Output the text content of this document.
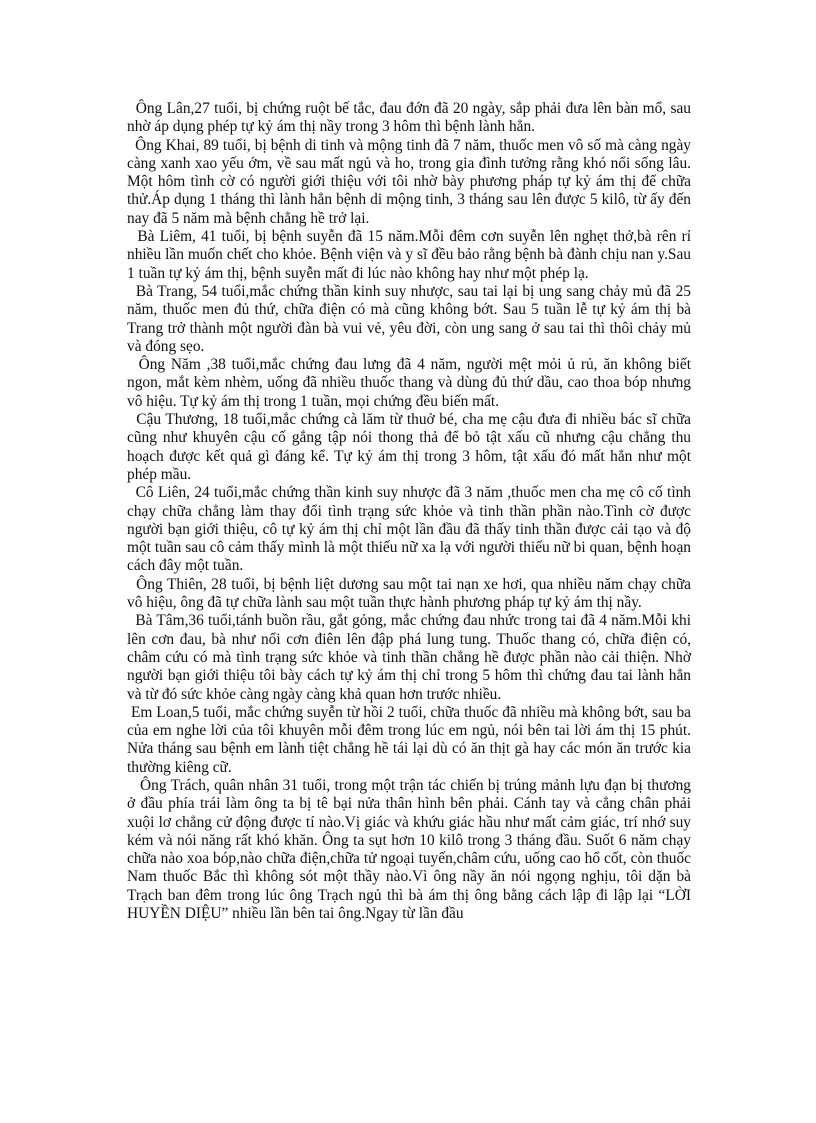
Ông Lân,27 tuổi, bị chứng ruột bế tắc, đau đớn đã 20 ngày, sắp phải đưa lên bàn mổ, sau nhờ áp dụng phép tự kỷ ám thị nầy trong 3 hôm thì bệnh lành hẳn.

Ông Khai, 89 tuổi, bị bệnh di tinh và mộng tinh đã 7 năm, thuốc men vô số mà càng ngày càng xanh xao yếu ớm, về sau mất ngủ và ho, trong gia đình tưởng rằng khó nổi sống lâu. Một hôm tình cờ có người giới thiệu với tôi nhờ bày phương pháp tự kỷ ám thị để chữa thử.Áp dụng 1 tháng thì lành hẳn bệnh di mộng tinh, 3 tháng sau lên được 5 kilô, từ ấy đến nay đã 5 năm mà bệnh chẳng hề trở lại.

Bà Liêm, 41 tuổi, bị bệnh suyễn đã 15 năm.Mỗi đêm cơn suyễn lên nghẹt thở,bà rên rỉ nhiều lần muốn chết cho khỏe. Bệnh viện và y sĩ đều bảo rằng bệnh bà đành chịu nan y.Sau 1 tuần tự kỷ ám thị, bệnh suyễn mất đi lúc nào không hay như một phép lạ.

Bà Trang, 54 tuổi,mắc chứng thần kinh suy nhược, sau tai lại bị ung sang chảy mủ đã 25 năm, thuốc men đủ thứ, chữa điện có mà cũng không bớt. Sau 5 tuần lễ tự kỷ ám thị bà Trang trở thành một người đàn bà vui vẻ, yêu đời, còn ung sang ở sau tai thì thôi chảy mủ và đóng sẹo.

Ông Năm ,38 tuổi,mắc chứng đau lưng đã 4 năm, người mệt mỏi ủ rủ, ăn không biết ngon, mắt kèm nhèm, uống đã nhiều thuốc thang và dùng đủ thứ dầu, cao thoa bóp nhưng vô hiệu. Tự kỷ ám thị trong 1 tuần, mọi chứng đều biến mất.

Cậu Thương, 18 tuổi,mắc chứng cà lăm từ thuở bé, cha mẹ cậu đưa đi nhiều bác sĩ chữa cũng như khuyên cậu cố gắng tập nói thong thả để bỏ tật xấu cũ nhưng cậu chẳng thu hoạch được kết quả gì đáng kể. Tự kỷ ám thị trong 3 hôm, tật xấu đó mất hẳn như một phép mầu.

Cô Liên, 24 tuổi,mắc chứng thần kinh suy nhược đã 3 năm ,thuốc men cha mẹ cô cố tình chạy chữa chẳng làm thay đổi tình trạng sức khỏe và tinh thần phần nào.Tình cờ được người bạn giới thiệu, cô tự kỷ ám thị chỉ một lần đầu đã thấy tinh thần được cải tạo và độ một tuần sau cô cảm thấy mình là một thiếu nữ xa lạ với người thiếu nữ bi quan, bệnh hoạn cách đây một tuần.

Ông Thiên, 28 tuổi, bị bệnh liệt dương sau một tai nạn xe hơi, qua nhiều năm chạy chữa vô hiệu, ông đã tự chữa lành sau một tuần thực hành phương pháp tự kỷ ám thị nầy.

Bà Tâm,36 tuổi,tánh buồn rầu, gắt gỏng, mắc chứng đau nhức trong tai đã 4 năm.Mỗi khi lên cơn đau, bà như nổi cơn điên lên đập phá lung tung. Thuốc thang có, chữa điện có, châm cứu có mà tình trạng sức khỏe và tinh thần chẳng hề được phần nào cải thiện. Nhờ người bạn giới thiệu tôi bày cách tự kỷ ám thị chỉ trong 5 hôm thì chứng đau tai lành hẳn và từ đó sức khỏe càng ngày càng khả quan hơn trước nhiều.

Em Loan,5 tuổi, mắc chứng suyễn từ hồi 2 tuổi, chữa thuốc đã nhiều mà không bớt, sau ba của em nghe lời của tôi khuyên mỗi đêm trong lúc em ngủ, nói bên tai lời ám thị 15 phút. Nửa tháng sau bệnh em lành tiệt chẳng hề tái lại dù có ăn thịt gà hay các món ăn trước kia thường kiêng cữ.

Ông Trách, quân nhân 31 tuổi, trong một trận tác chiến bị trúng mảnh lựu đạn bị thương ở đầu phía trái làm ông ta bị tê bại nửa thân hình bên phải. Cánh tay và cẳng chân phải xuội lơ chẳng cử động được tí nào.Vị giác và khứu giác hầu như mất cảm giác, trí nhớ suy kém và nói năng rất khó khăn. Ông ta sụt hơn 10 kilô trong 3 tháng đầu. Suốt 6 năm chạy chữa nào xoa bóp,nào chữa điện,chữa tử ngoại tuyến,châm cứu, uống cao hổ cốt, còn thuốc Nam thuốc Bắc thì không sót một thầy nào.Vì ông nầy ăn nói ngọng nghịu, tôi dặn bà Trạch ban đêm trong lúc ông Trạch ngủ thì bà ám thị ông bằng cách lập đi lập lại “LỜI HUYỀN DIỆU” nhiều lần bên tai ông.Ngay từ lần đầu
